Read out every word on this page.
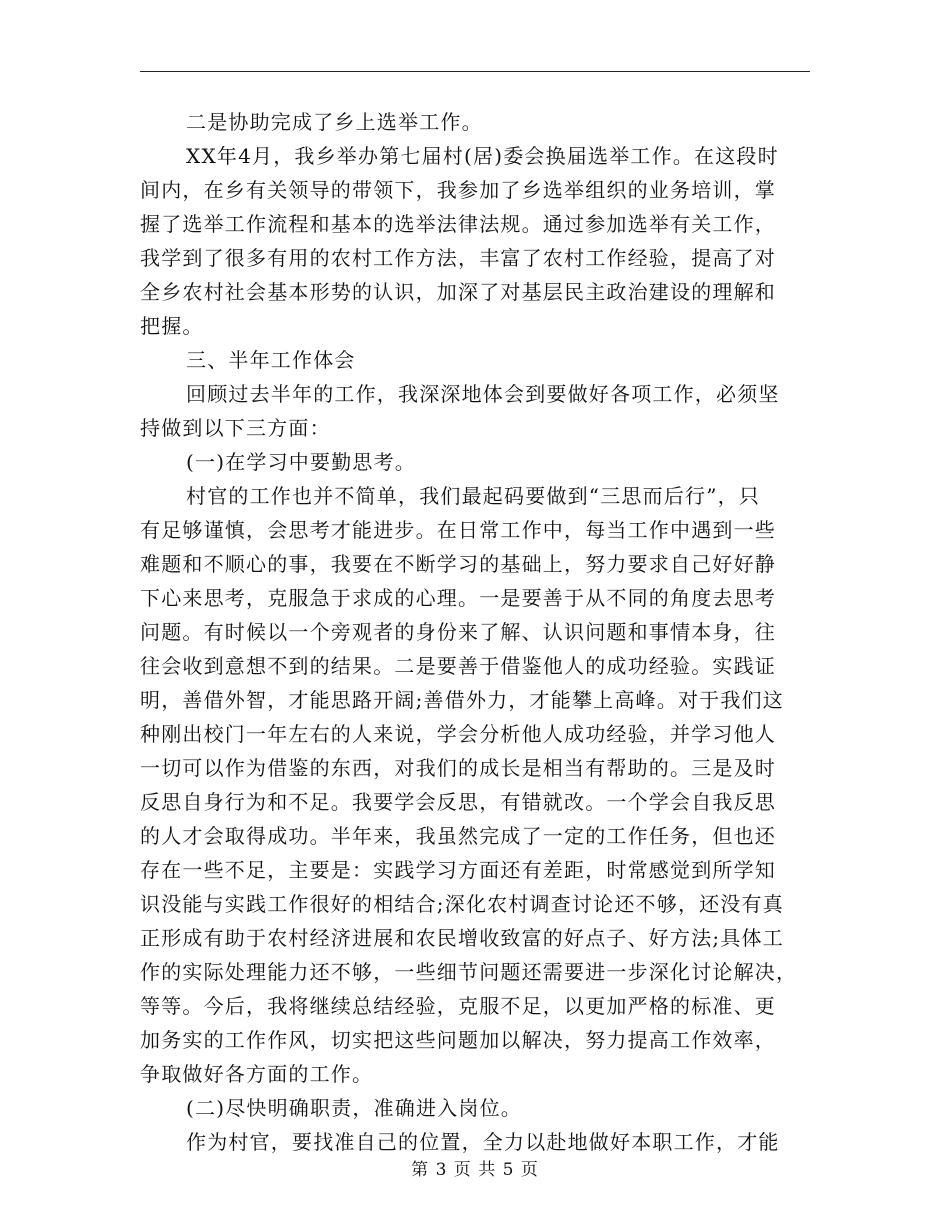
二是协助完成了乡上选举工作。
XX年4月，我乡举办第七届村(居)委会换届选举工作。在这段时
间内，在乡有关领导的带领下，我参加了乡选举组织的业务培训，掌
握了选举工作流程和基本的选举法律法规。通过参加选举有关工作，
我学到了很多有用的农村工作方法，丰富了农村工作经验，提高了对
全乡农村社会基本形势的认识，加深了对基层民主政治建设的理解和
把握。
三、半年工作体会
回顾过去半年的工作，我深深地体会到要做好各项工作，必须坚
持做到以下三方面：
(一)在学习中要勤思考。
村官的工作也并不简单，我们最起码要做到“三思而后行”，只
有足够谨慎，会思考才能进步。在日常工作中，每当工作中遇到一些
难题和不顺心的事，我要在不断学习的基础上，努力要求自己好好静
下心来思考，克服急于求成的心理。一是要善于从不同的角度去思考
问题。有时候以一个旁观者的身份来了解、认识问题和事情本身，往
往会收到意想不到的结果。二是要善于借鉴他人的成功经验。实践证
明，善借外智，才能思路开阔;善借外力，才能攀上高峰。对于我们这
种刚出校门一年左右的人来说，学会分析他人成功经验，并学习他人
一切可以作为借鉴的东西，对我们的成长是相当有帮助的。三是及时
反思自身行为和不足。我要学会反思，有错就改。一个学会自我反思
的人才会取得成功。半年来，我虽然完成了一定的工作任务，但也还
存在一些不足，主要是：实践学习方面还有差距，时常感觉到所学知
识没能与实践工作很好的相结合;深化农村调查讨论还不够，还没有真
正形成有助于农村经济进展和农民增收致富的好点子、好方法;具体工
作的实际处理能力还不够，一些细节问题还需要进一步深化讨论解决，
等等。今后，我将继续总结经验，克服不足，以更加严格的标准、更
加务实的工作作风，切实把这些问题加以解决，努力提高工作效率，
争取做好各方面的工作。
(二)尽快明确职责，准确进入岗位。
作为村官，要找准自己的位置，全力以赴地做好本职工作，才能
第 3 页 共 5 页
